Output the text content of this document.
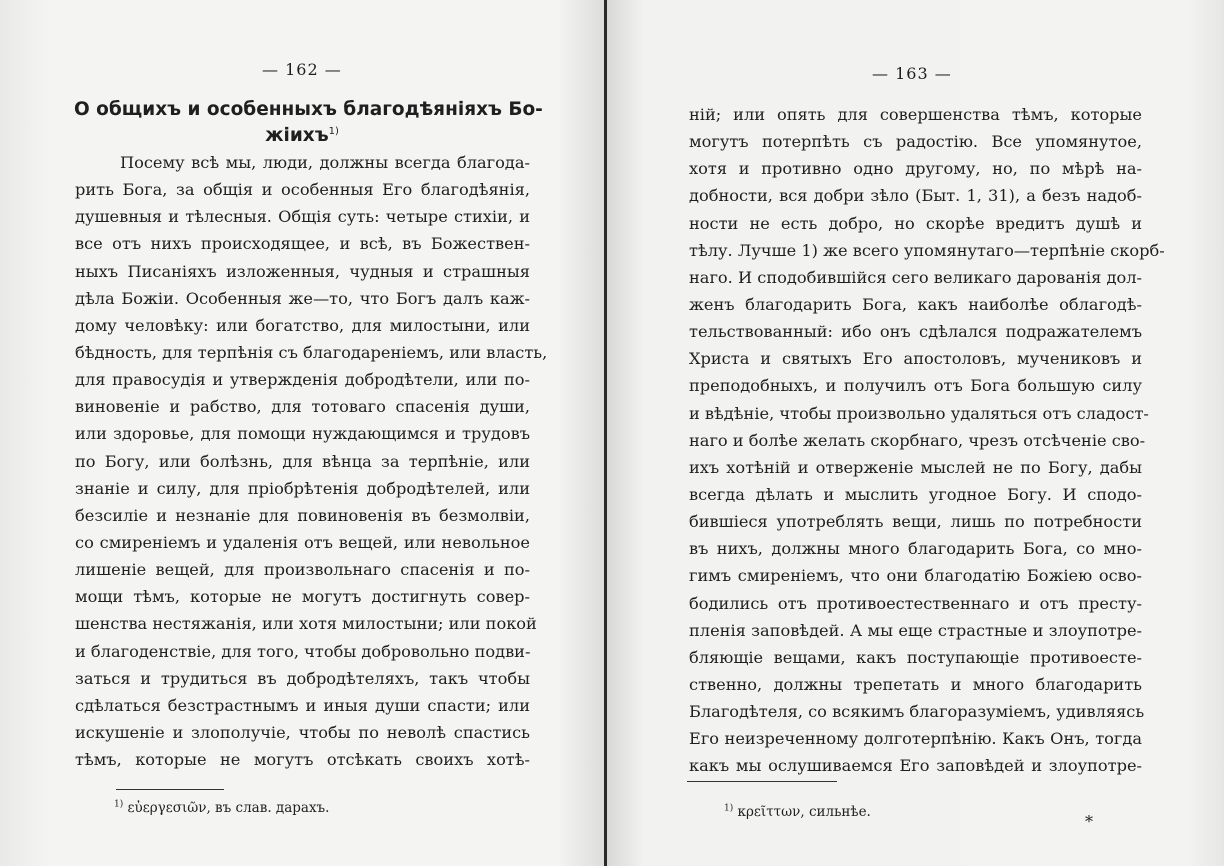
— 162 —
О общихъ и особенныхъ благодѣяніяхъ Бо-
жіихъ$^{1)}$
Посему всѣ мы, люди, должны всегда благода-
рить Бога, за общія и особенныя Его благодѣянія,
душевныя и тѣлесныя. Общія суть: четыре стихіи, и
все отъ нихъ происходящее, и всѣ, въ Божествен-
ныхъ Писаніяхъ изложенныя, чудныя и страшныя
дѣла Божіи. Особенныя же—то, что Богъ далъ каж-
дому человѣку: или богатство, для милостыни, или
бѣдность, для терпѣнія съ благодареніемъ, или власть,
для правосудія и утвержденія добродѣтели, или по-
виновеніе и рабство, для тотоваго спасенія души,
или здоровье, для помощи нуждающимся и трудовъ
по Богу, или болѣзнь, для вѣнца за терпѣніе, или
знаніе и силу, для пріобрѣтенія добродѣтелей, или
безсиліе и незнаніе для повиновенія въ безмолвіи,
со смиреніемъ и удаленія отъ вещей, или невольное
лишеніе вещей, для произвольнаго спасенія и по-
мощи тѣмъ, которые не могутъ достигнуть совер-
шенства нестяжанія, или хотя милостыни; или покой
и благоденствіе, для того, чтобы добровольно подви-
заться и трудиться въ добродѣтеляхъ, такъ чтобы
сдѣлаться безстрастнымъ и иныя души спасти; или
искушеніе и злополучіе, чтобы по неволѣ спастись
тѣмъ, которые не могутъ отсѣкать своихъ хотѣ-
$^{1)}$ εὐεργεσιῶν, въ слав. дарахъ.
— 163 —
ній; или опять для совершенства тѣмъ, которые
могутъ потерпѣть съ радостію. Все упомянутое,
хотя и противно одно другому, но, по мѣрѣ на-
добности, вся добри зѣло (Быт. 1, 31), а безъ надоб-
ности не есть добро, но скорѣе вредитъ душѣ и
тѣлу. Лучше 1) же всего упомянутаго—терпѣніе скорб-
наго. И сподобившійся сего великаго дарованія дол-
женъ благодарить Бога, какъ наиболѣе облагодѣ-
тельствованный: ибо онъ сдѣлался подражателемъ
Христа и святыхъ Его апостоловъ, мучениковъ и
преподобныхъ, и получилъ отъ Бога большую силу
и вѣдѣніе, чтобы произвольно удаляться отъ сладост-
наго и болѣе желать скорбнаго, чрезъ отсѣченіе сво-
ихъ хотѣній и отверженіе мыслей не по Богу, дабы
всегда дѣлать и мыслить угодное Богу. И сподо-
бившіеся употреблять вещи, лишь по потребности
въ нихъ, должны много благодарить Бога, со мно-
гимъ смиреніемъ, что они благодатію Божіею осво-
бодились отъ противоестественнаго и отъ престу-
пленія заповѣдей. А мы еще страстные и злоупотре-
бляющіе вещами, какъ поступающіе противоесте-
ственно, должны трепетать и много благодарить
Благодѣтеля, со всякимъ благоразуміемъ, удивляясь
Его неизреченному долготерпѣнію. Какъ Онъ, тогда
какъ мы ослушиваемся Его заповѣдей и злоупотре-
$^{1)}$ κρεῖττων, сильнѣе.	*
